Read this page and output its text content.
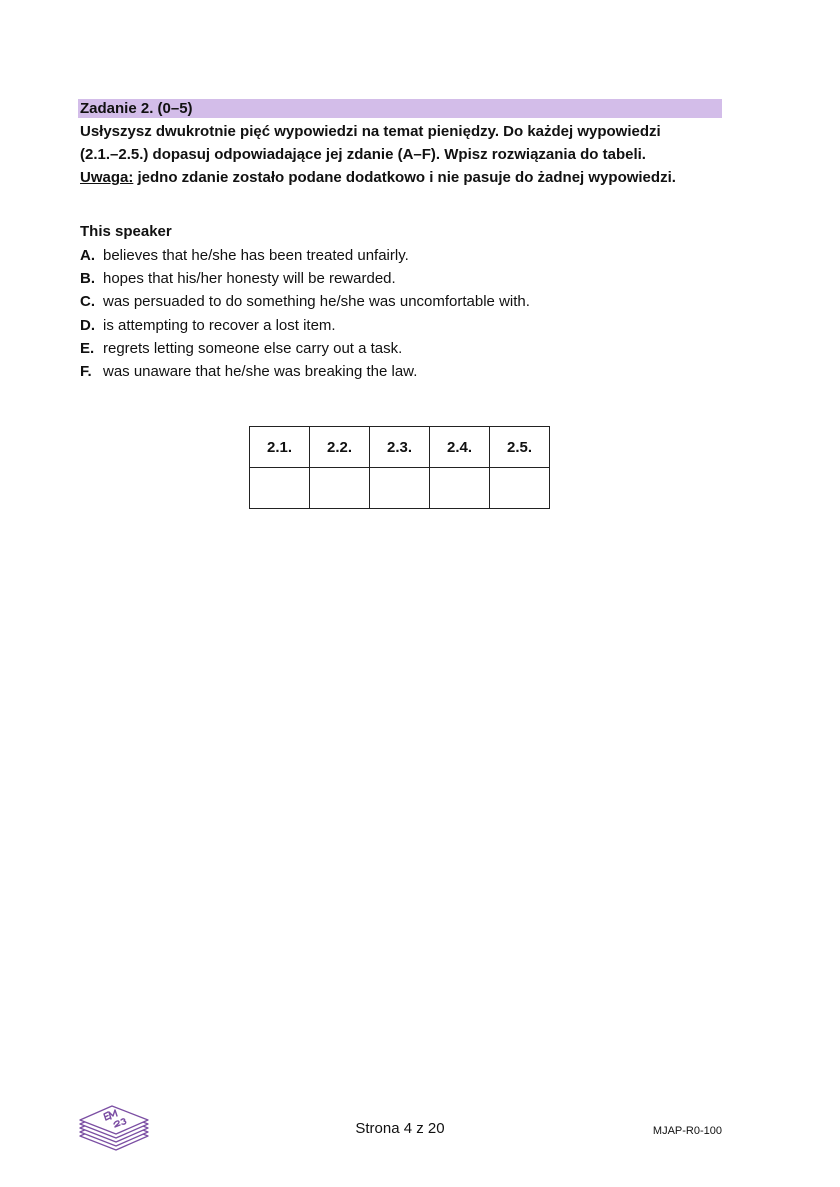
Zadanie 2. (0–5)
Usłyszysz dwukrotnie pięć wypowiedzi na temat pieniędzy. Do każdej wypowiedzi
(2.1.–2.5.) dopasuj odpowiadające jej zdanie (A–F). Wpisz rozwiązania do tabeli.
Uwaga: jedno zdanie zostało podane dodatkowo i nie pasuje do żadnej wypowiedzi.
This speaker
A. believes that he/she has been treated unfairly.
B. hopes that his/her honesty will be rewarded.
C. was persuaded to do something he/she was uncomfortable with.
D. is attempting to recover a lost item.
E. regrets letting someone else carry out a task.
F. was unaware that he/she was breaking the law.
2.1.	2.2.	2.3.	2.4.	2.5.

Strona 4 z 20	MJAP-R0-100
